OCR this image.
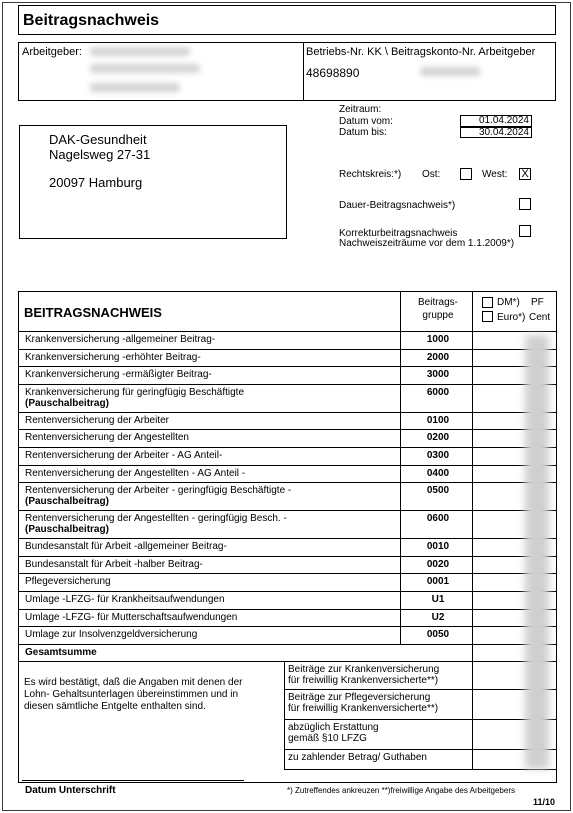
Beitragsnachweis
Arbeitgeber:	Betriebs-Nr. KK \ Beitragskonto-Nr. Arbeitgeber
48698890
Zeitraum:
Datum vom:	01.04.2024
Datum bis:	30.04.2024
DAK-Gesundheit
Nagelsweg 27-31
20097 Hamburg
Rechtskreis:*) Ost:	West: X
Dauer-Beitragsnachweis*)
Korrekturbeitragsnachweis
Nachweiszeiträume vor dem 1.1.2009*)
Krankenversicherung -allgemeiner Beitrag-	1000
Krankenversicherung -erhöhter Beitrag-	2000
Krankenversicherung -ermäßigter Beitrag-	3000
Krankenversicherung für geringfügig Beschäftigte
(Pauschalbeitrag)
6000
Rentenversicherung der Arbeiter	0100
Rentenversicherung der Angestellten	0200
Rentenversicherung der Arbeiter - AG Anteil-	0300
Rentenversicherung der Angestellten - AG Anteil -	0400
Rentenversicherung der Arbeiter - geringfügig Beschäftigte -
(Pauschalbeitrag)
0500
Rentenversicherung der Angestellten - geringfügig Besch. -
(Pauschalbeitrag)
0600
Bundesanstalt für Arbeit -allgemeiner Beitrag-	0010
Bundesanstalt für Arbeit -halber Beitrag-	0020
Pflegeversicherung	0001
Umlage -LFZG- für Krankheitsaufwendungen	U1
Umlage -LFZG- für Mutterschaftsaufwendungen	U2
Umlage zur Insolvenzgeldversicherung	0050
Gesamtsumme
Beiträge zur Krankenversicherung
für freiwillig Krankenversicherte**)
Beiträge zur Pflegeversicherung
für freiwillig Krankenversicherte**)
abzüglich Erstattung
gemäß §10 LFZG
zu zahlender Betrag/ Guthaben
BEITRAGSNACHWEIS
Beitrags-
gruppe
DM*) PF
Euro*) Cent
Es wird bestätigt, daß die Angaben mit denen der
Lohn- Gehaltsunterlagen übereinstimmen und in
diesen sämtliche Entgelte enthalten sind.
Datum Unterschrift	*) Zutreffendes ankreuzen **)freiwillige Angabe des Arbeitgebers
11/10
